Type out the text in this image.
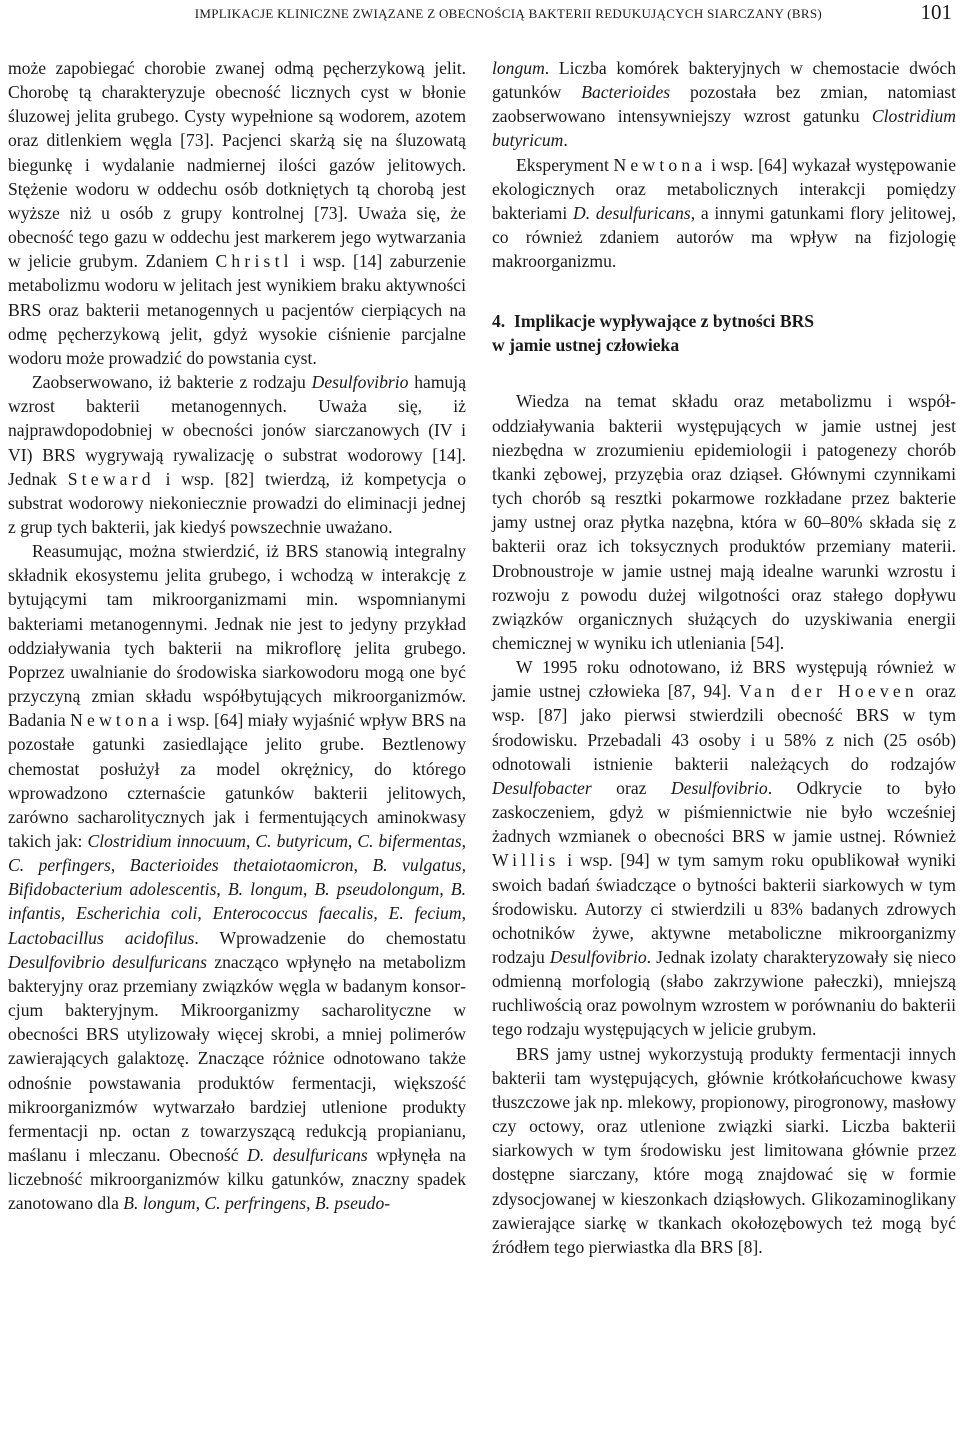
IMPLIKACJE KLINICZNE ZWIĄZANE Z OBECNOŚCIĄ BAKTERII REDUKUJĄCYCH SIARCZANY (BRS)	101

może zapobiegać chorobie zwanej odmą pęcherzykową jelit. Chorobę tą charakteryzuje obecność licznych cyst w błonie śluzowej jelita grubego. Cysty wypełnione są wodorem, azotem oraz ditlenkiem węgla [73]. Pacjenci skarżą się na śluzowatą biegunkę i wydalanie nadmiernej ilości gazów jelitowych. Stężenie wodoru w oddechu osób dotkniętych tą chorobą jest wyższe niż u osób z grupy kontrolnej [73]. Uważa się, że obecność tego gazu w oddechu jest markerem jego wytwarzania w jelicie grubym. Zdaniem Christl i wsp. [14] zaburzenie metabolizmu wodoru w jelitach jest wynikiem braku aktywności BRS oraz bakterii metanogennych u pacjentów cierpiących na odmę pęcherzykową jelit, gdyż wysokie ciśnienie parcjalne wodoru może prowadzić do powstania cyst.

Zaobserwowano, iż bakterie z rodzaju Desulfovibrio hamują wzrost bakterii metanogennych. Uważa się, iż najprawdopodobniej w obecności jonów siarczanowych (IV i VI) BRS wygrywają rywalizację o substrat wodorowy [14]. Jednak Steward i wsp. [82] twierdzą, iż kompetycja o substrat wodorowy niekoniecznie prowadzi do eliminacji jednej z grup tych bakterii, jak kiedyś powszechnie uważano.

Reasumując, można stwierdzić, iż BRS stanowią integralny składnik ekosystemu jelita grubego, i wchodzą w interakcję z bytującymi tam mikroorganizmami min. wspomnianymi bakteriami metanogennymi. Jednak nie jest to jedyny przykład oddziaływania tych bakterii na mikroflorę jelita grubego. Poprzez uwalnianie do środowiska siarkowodoru mogą one być przyczyną zmian składu współbytujących mikroorganizmów. Badania Newtona i wsp. [64] miały wyjaśnić wpływ BRS na pozostałe gatunki zasiedlające jelito grube. Beztlenowy chemostat posłużył za model okrężnicy, do którego wprowadzono czternaście gatunków bakterii jelitowych, zarówno sacharolitycznych jak i fermentujących aminokwasy takich jak: Clostridium innocuum, C. butyricum, C. bifermentas, C. perfingers, Bacterioides thetaiotaomicron, B. vulgatus, Bifidobacterium adolescentis, B. longum, B. pseudolongum, B. infantis, Escherichia coli, Enterococcus faecalis, E. fecium, Lactobacillus acidofilus. Wprowadzenie do chemostatu Desulfovibrio desulfuricans znacząco wpłynęło na metabolizm bakteryjny oraz przemiany związków węgla w badanym konsorcjum bakteryjnym. Mikroorganizmy sacharolityczne w obecności BRS utylizowały więcej skrobi, a mniej polimerów zawierających galaktozę. Znaczące różnice odnotowano także odnośnie powstawania produktów fermentacji, większość mikroorganizmów wytwarzało bardziej utlenione produkty fermentacji np. octan z towarzyszącą redukcją propianianu, maślanu i mleczanu. Obecność D. desulfuricans wpłynęła na liczebność mikroorganizmów kilku gatunków, znaczny spadek zanotowano dla B. longum, C. perfringens, B. pseudo-

longum. Liczba komórek bakteryjnych w chemostacie dwóch gatunków Bacterioides pozostała bez zmian, natomiast zaobserwowano intensywniejszy wzrost gatunku Clostridium butyricum.

Eksperyment Newtona i wsp. [64] wykazał występowanie ekologicznych oraz metabolicznych interakcji pomiędzy bakteriami D. desulfuricans, a innymi gatunkami flory jelitowej, co również zdaniem autorów ma wpływ na fizjologię makroorganizmu.

4. Implikacje wypływające z bytności BRS
w jamie ustnej człowieka

Wiedza na temat składu oraz metabolizmu i współoddziaływania bakterii występujących w jamie ustnej jest niezbędna w zrozumieniu epidemiologii i patogenezy chorób tkanki zębowej, przyzębia oraz dziąseł. Głównymi czynnikami tych chorób są resztki pokarmowe rozkładane przez bakterie jamy ustnej oraz płytka nazębna, która w 60–80% składa się z bakterii oraz ich toksycznych produktów przemiany materii. Drobnoustroje w jamie ustnej mają idealne warunki wzrostu i rozwoju z powodu dużej wilgotności oraz stałego dopływu związków organicznych służących do uzyskiwania energii chemicznej w wyniku ich utleniania [54].

W 1995 roku odnotowano, iż BRS występują również w jamie ustnej człowieka [87, 94]. Van der Hoeven oraz wsp. [87] jako pierwsi stwierdzili obecność BRS w tym środowisku. Przebadali 43 osoby i u 58% z nich (25 osób) odnotowali istnienie bakterii należących do rodzajów Desulfobacter oraz Desulfovibrio. Odkrycie to było zaskoczeniem, gdyż w piśmiennictwie nie było wcześniej żadnych wzmianek o obecności BRS w jamie ustnej. Również Willis i wsp. [94] w tym samym roku opublikował wyniki swoich badań świadczące o bytności bakterii siarkowych w tym środowisku. Autorzy ci stwierdzili u 83% badanych zdrowych ochotników żywe, aktywne metaboliczne mikroorganizmy rodzaju Desulfovibrio. Jednak izolaty charakteryzowały się nieco odmienną morfologią (słabo zakrzywione pałeczki), mniejszą ruchliwością oraz powolnym wzrostem w porównaniu do bakterii tego rodzaju występujących w jelicie grubym.

BRS jamy ustnej wykorzystują produkty fermentacji innych bakterii tam występujących, głównie krótkołańcuchowe kwasy tłuszczowe jak np. mlekowy, propionowy, pirogronowy, masłowy czy octowy, oraz utlenione związki siarki. Liczba bakterii siarkowych w tym środowisku jest limitowana głównie przez dostępne siarczany, które mogą znajdować się w formie zdysocjowanej w kieszonkach dziąsłowych. Glikozaminoglikany zawierające siarkę w tkankach okołozębowych też mogą być źródłem tego pierwiastka dla BRS [8].
